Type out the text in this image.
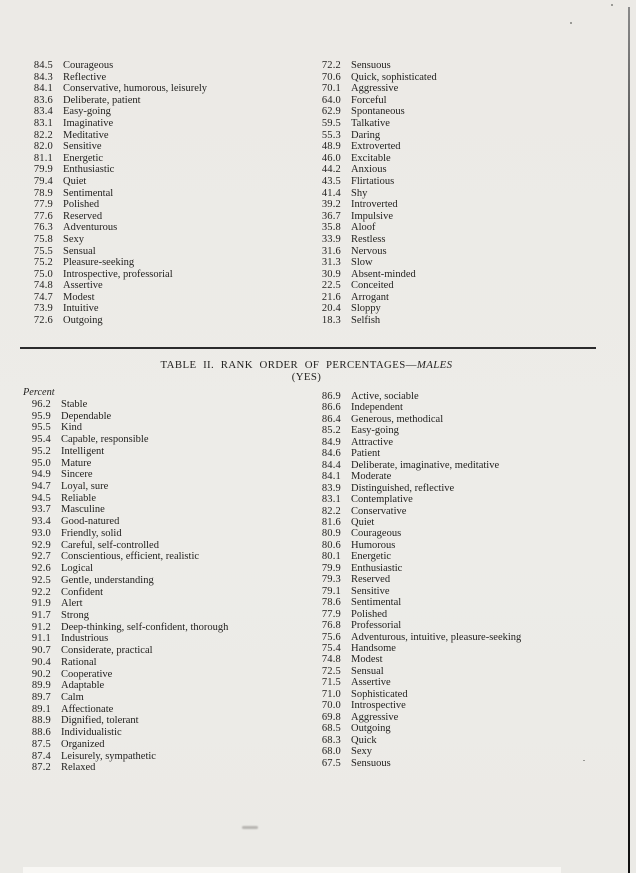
84.5 Courageous
84.3 Reflective
84.1 Conservative, humorous, leisurely
83.6 Deliberate, patient
83.4 Easy-going
83.1 Imaginative
82.2 Meditative
82.0 Sensitive
81.1 Energetic
79.9 Enthusiastic
79.4 Quiet
78.9 Sentimental
77.9 Polished
77.6 Reserved
76.3 Adventurous
75.8 Sexy
75.5 Sensual
75.2 Pleasure-seeking
75.0 Introspective, professorial
74.8 Assertive
74.7 Modest
73.9 Intuitive
72.6 Outgoing
72.2 Sensuous
70.6 Quick, sophisticated
70.1 Aggressive
64.0 Forceful
62.9 Spontaneous
59.5 Talkative
55.3 Daring
48.9 Extroverted
46.0 Excitable
44.2 Anxious
43.5 Flirtatious
41.4 Shy
39.2 Introverted
36.7 Impulsive
35.8 Aloof
33.9 Restless
31.6 Nervous
31.3 Slow
30.9 Absent-minded
22.5 Conceited
21.6 Arrogant
20.4 Sloppy
18.3 Selfish
TABLE II. RANK ORDER OF PERCENTAGES—MALES
(YES)
Percent
96.2 Stable
95.9 Dependable
95.5 Kind
95.4 Capable, responsible
95.2 Intelligent
95.0 Mature
94.9 Sincere
94.7 Loyal, sure
94.5 Reliable
93.7 Masculine
93.4 Good-natured
93.0 Friendly, solid
92.9 Careful, self-controlled
92.7 Conscientious, efficient, realistic
92.6 Logical
92.5 Gentle, understanding
92.2 Confident
91.9 Alert
91.7 Strong
91.2 Deep-thinking, self-confident, thorough
91.1 Industrious
90.7 Considerate, practical
90.4 Rational
90.2 Cooperative
89.9 Adaptable
89.7 Calm
89.1 Affectionate
88.9 Dignified, tolerant
88.6 Individualistic
87.5 Organized
87.4 Leisurely, sympathetic
87.2 Relaxed
86.9 Active, sociable
86.6 Independent
86.4 Generous, methodical
85.2 Easy-going
84.9 Attractive
84.6 Patient
84.4 Deliberate, imaginative, meditative
84.1 Moderate
83.9 Distinguished, reflective
83.1 Contemplative
82.2 Conservative
81.6 Quiet
80.9 Courageous
80.6 Humorous
80.1 Energetic
79.9 Enthusiastic
79.3 Reserved
79.1 Sensitive
78.6 Sentimental
77.9 Polished
76.8 Professorial
75.6 Adventurous, intuitive, pleasure-seeking
75.4 Handsome
74.8 Modest
72.5 Sensual
71.5 Assertive
71.0 Sophisticated
70.0 Introspective
69.8 Aggressive
68.5 Outgoing
68.3 Quick
68.0 Sexy
67.5 Sensuous
